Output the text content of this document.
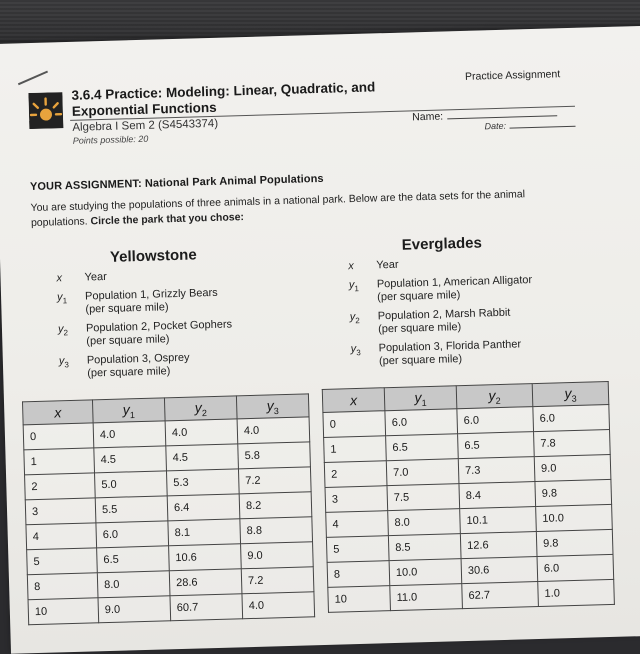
3.6.4 Practice: Modeling: Linear, Quadratic, and Exponential Functions
Algebra I Sem 2 (S4543374)
Points possible: 20
Practice Assignment
Name:
Date:
YOUR ASSIGNMENT: National Park Animal Populations
You are studying the populations of three animals in a national park. Below are the data sets for the animal populations. Circle the park that you chose:
Yellowstone
x	Year
$y_1$	Population 1, Grizzly Bears
(per square mile)
$y_2$	Population 2, Pocket Gophers
(per square mile)
$y_3$	Population 3, Osprey
(per square mile)
x	$y_1$	$y_2$	$y_3$
0	4.0	4.0	4.0
1	4.5	4.5	5.8
2	5.0	5.3	7.2
3	5.5	6.4	8.2
4	6.0	8.1	8.8
5	6.5	10.6	9.0
8	8.0	28.6	7.2
10	9.0	60.7	4.0
Everglades
x	Year
$y_1$	Population 1, American Alligator
(per square mile)
$y_2$	Population 2, Marsh Rabbit
(per square mile)
$y_3$	Population 3, Florida Panther
(per square mile)
x	$y_1$	$y_2$	$y_3$
0	6.0	6.0	6.0
1	6.5	6.5	7.8
2	7.0	7.3	9.0
3	7.5	8.4	9.8
4	8.0	10.1	10.0
5	8.5	12.6	9.8
8	10.0	30.6	6.0
10	11.0	62.7	1.0
